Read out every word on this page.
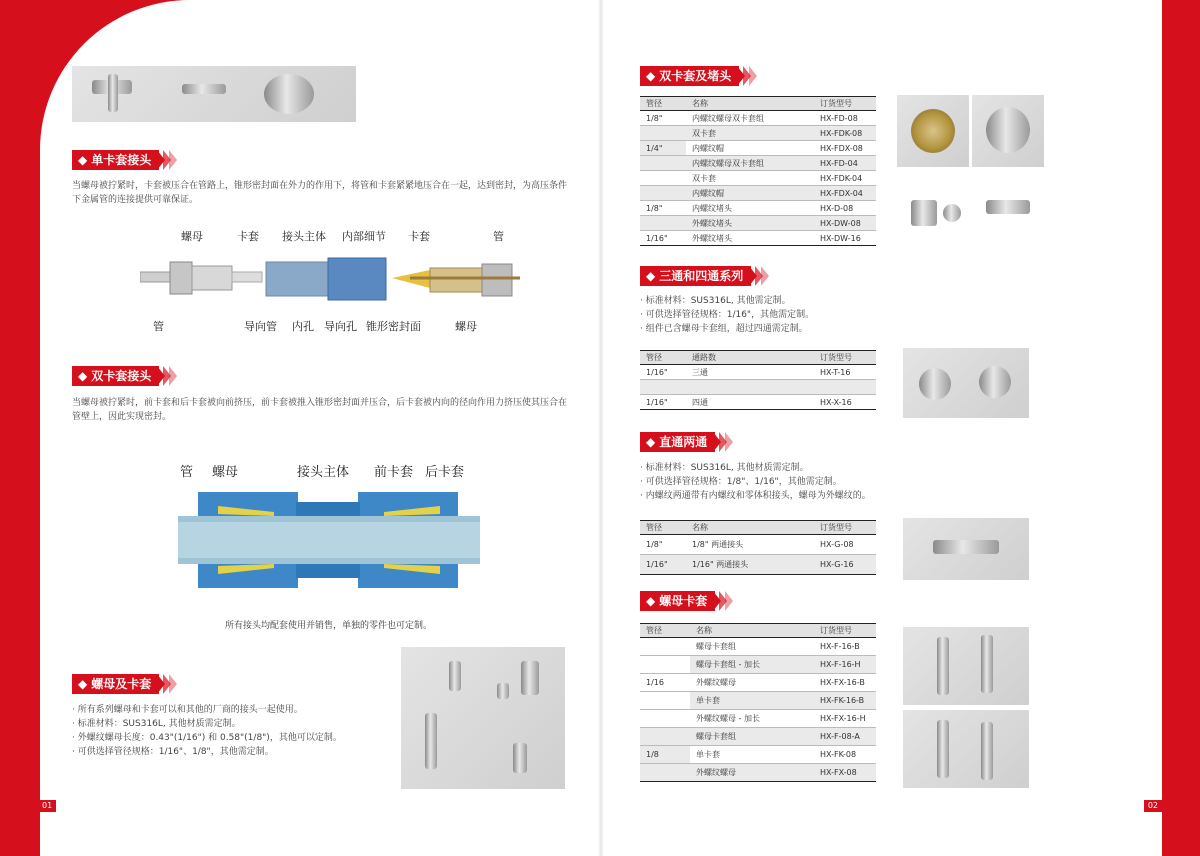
01	02
◆ 单卡套接头
当螺母被拧紧时，卡套被压合在管路上，锥形密封面在外力的作用下，将管和卡套紧紧地压合在一起，达到密封，为高压条件下金属管的连接提供可靠保证。
螺母	卡套 接头主体 内部细节 卡套	管
管	导向管 内孔 导向孔 锥形密封面	螺母
◆ 双卡套接头
当螺母被拧紧时，前卡套和后卡套被向前挤压，前卡套被推入锥形密封面并压合，后卡套被内向的径向作用力挤压使其压合在管壁上，因此实现密封。
管 螺母	接头主体 前卡套 后卡套
所有接头均配套使用并销售，单独的零件也可定制。
◆ 螺母及卡套
· 所有系列螺母和卡套可以和其他的厂商的接头一起使用。
· 标准材料：SUS316L, 其他材质需定制。
· 外螺纹螺母长度：0.43"(1/16") 和 0.58"(1/8")，其他可以定制。
· 可供选择管径规格：1/16"、1/8"，其他需定制。
◆ 双卡套及堵头
管径	名称	订货型号
1/8"	内螺纹螺母双卡套组	HX-FD-08
	双卡套	HX-FDK-08
1/4"	内螺纹帽	HX-FDX-08
	内螺纹螺母双卡套组	HX-FD-04
	双卡套	HX-FDK-04
	内螺纹帽	HX-FDX-04
1/8"	内螺纹堵头	HX-D-08
	外螺纹堵头	HX-DW-08
1/16"	外螺纹堵头	HX-DW-16
◆ 三通和四通系列
· 标准材料：SUS316L, 其他需定制。
· 可供选择管径规格：1/16"，其他需定制。
· 组件已含螺母卡套组，超过四通需定制。
管径	通路数	订货型号
1/16"	三通	HX-T-16

1/16"	四通	HX-X-16
◆ 直通两通
· 标准材料：SUS316L, 其他材质需定制。
· 可供选择管径规格：1/8"、1/16"，其他需定制。
· 内螺纹两通带有内螺纹和零体积接头，螺母为外螺纹的。
管径	名称	订货型号
1/8"	1/8" 两通接头	HX-G-08
1/16"	1/16" 两通接头	HX-G-16
◆ 螺母卡套
管径	名称	订货型号
	螺母卡套组	HX-F-16-B
	螺母卡套组 - 加长	HX-F-16-H
1/16	外螺纹螺母	HX-FX-16-B
	单卡套	HX-FK-16-B
	外螺纹螺母 - 加长	HX-FX-16-H
	螺母卡套组	HX-F-08-A
1/8	单卡套	HX-FK-08
	外螺纹螺母	HX-FX-08
